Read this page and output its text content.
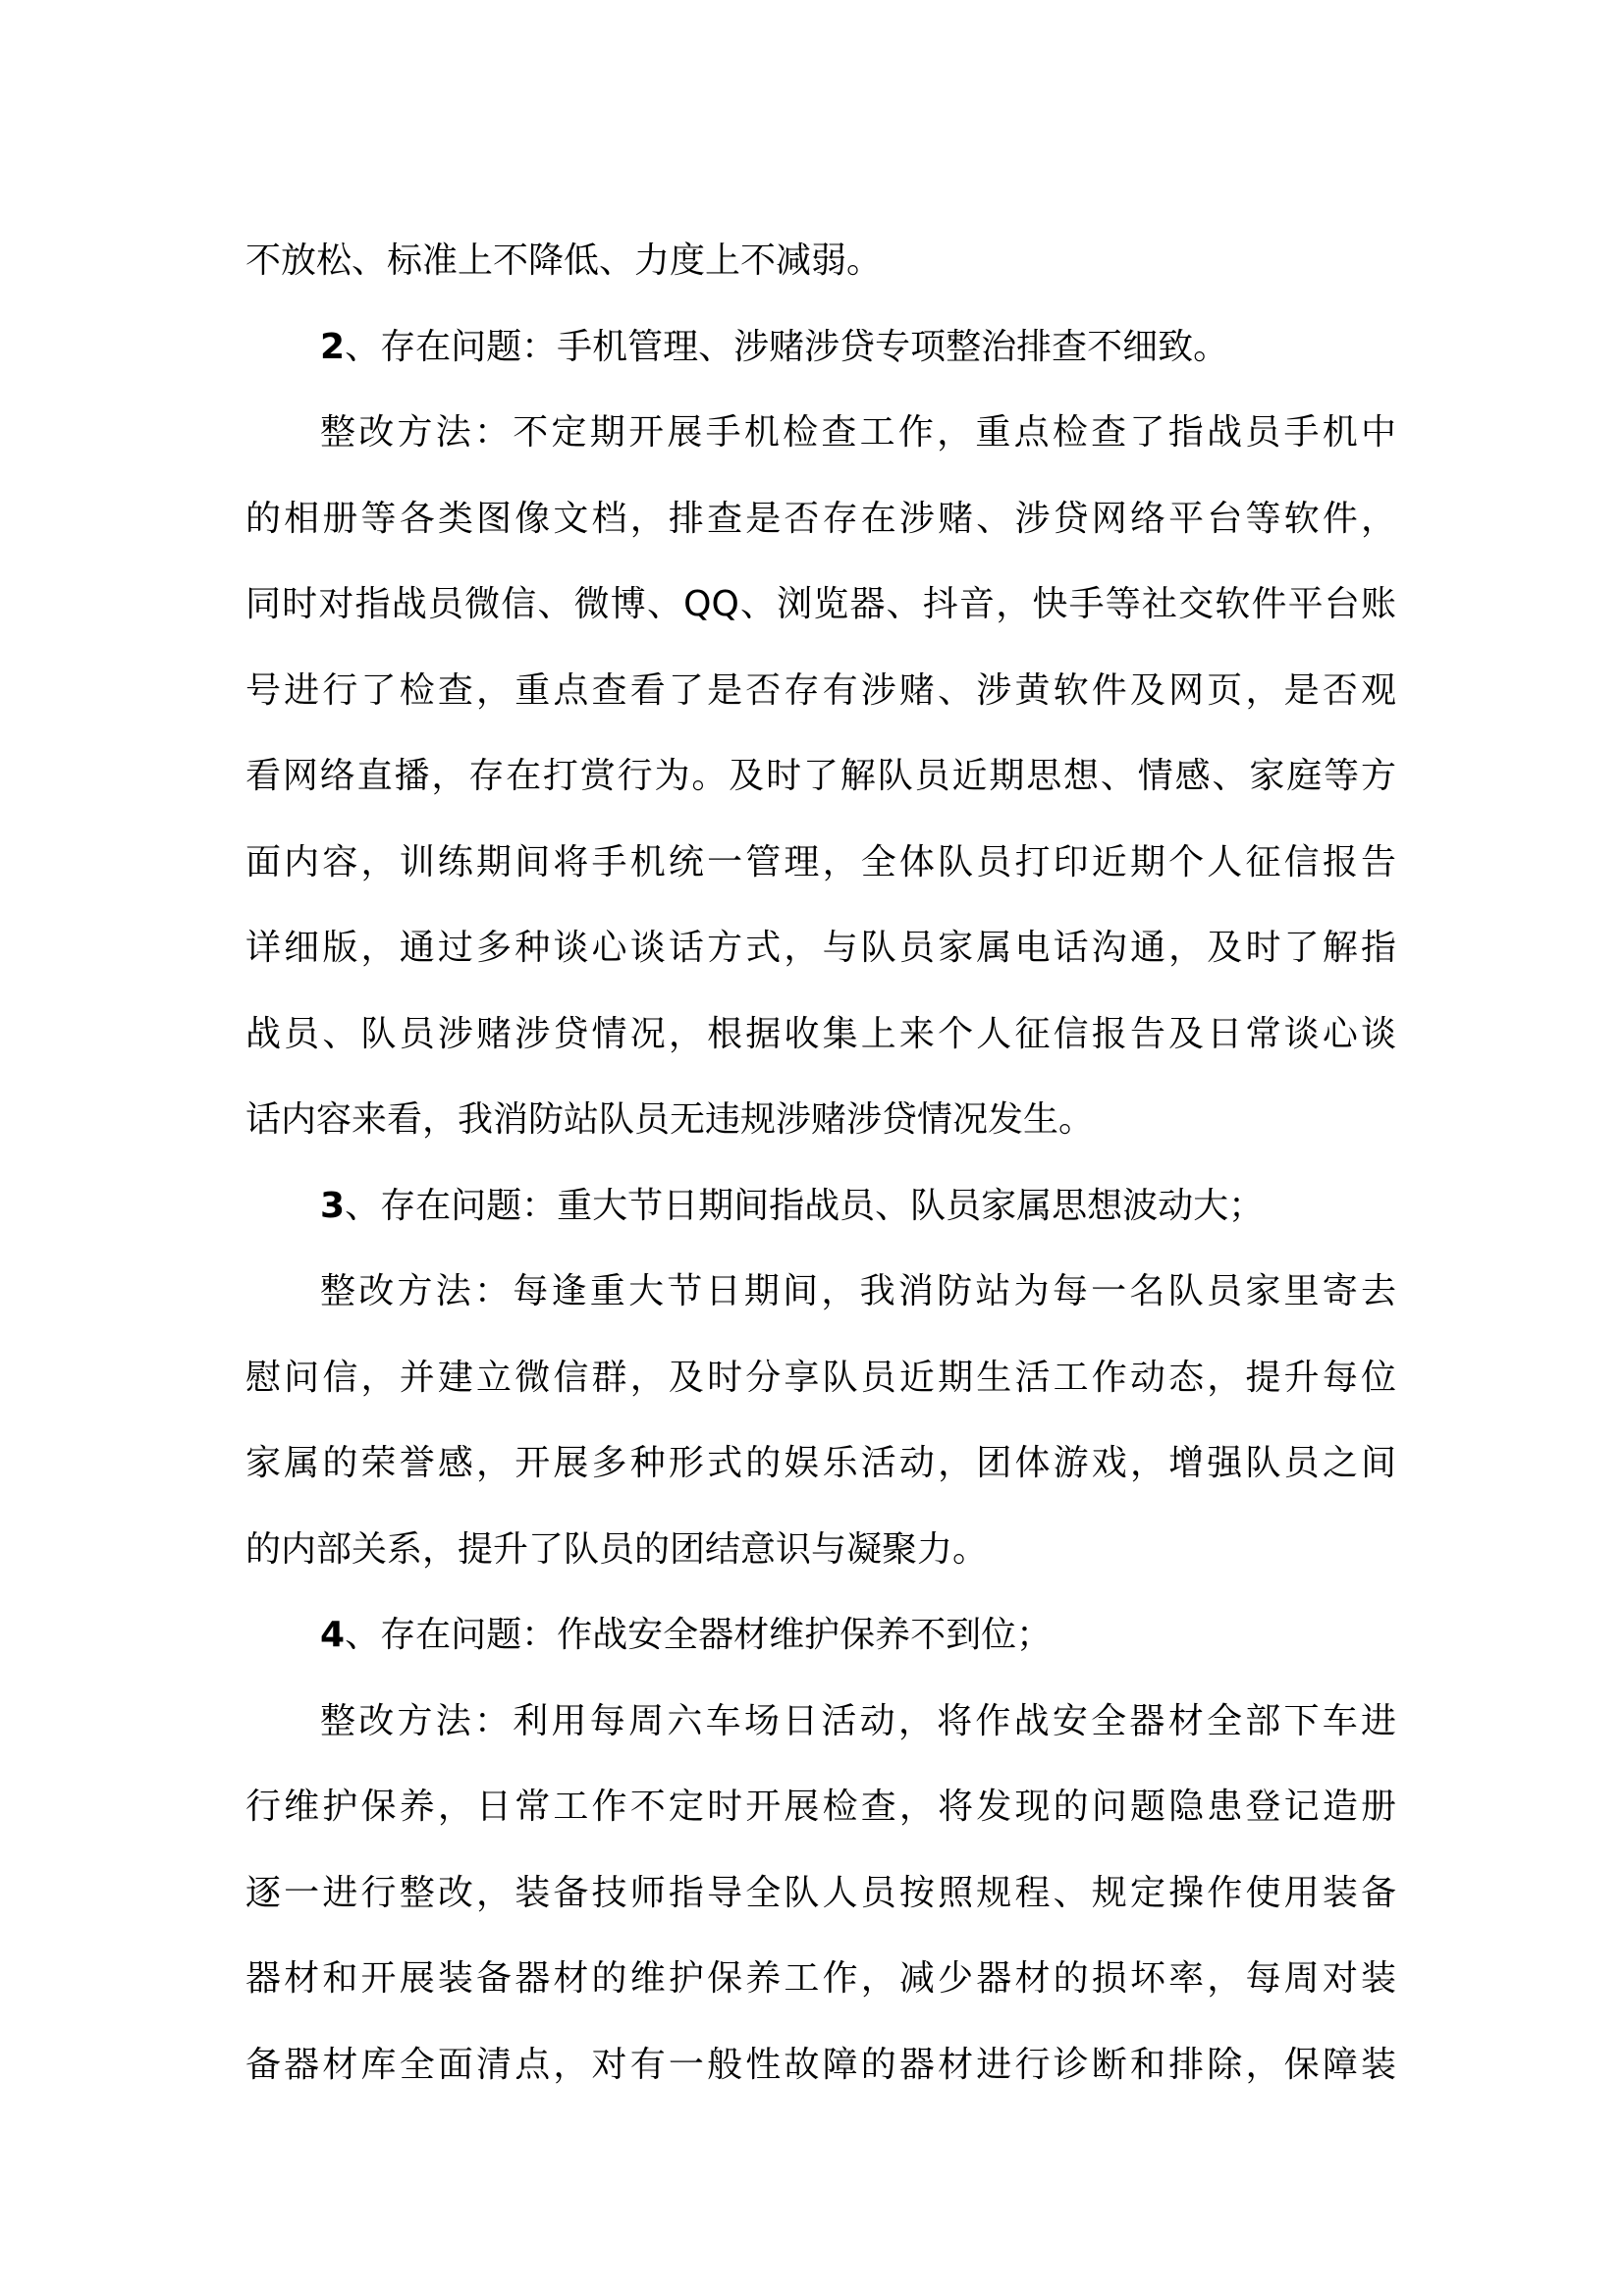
不放松、标准上不降低、力度上不减弱。
2、存在问题：手机管理、涉赌涉贷专项整治排查不细致。
整改方法：不定期开展手机检查工作，重点检查了指战员手机中
的相册等各类图像文档，排查是否存在涉赌、涉贷网络平台等软件，
同时对指战员微信、微博、QQ、浏览器、抖音，快手等社交软件平台账
号进行了检查，重点查看了是否存有涉赌、涉黄软件及网页，是否观
看网络直播，存在打赏行为。及时了解队员近期思想、情感、家庭等方
面内容，训练期间将手机统一管理，全体队员打印近期个人征信报告
详细版，通过多种谈心谈话方式，与队员家属电话沟通，及时了解指
战员、队员涉赌涉贷情况，根据收集上来个人征信报告及日常谈心谈
话内容来看，我消防站队员无违规涉赌涉贷情况发生。
3、存在问题：重大节日期间指战员、队员家属思想波动大；
整改方法：每逢重大节日期间，我消防站为每一名队员家里寄去
慰问信，并建立微信群，及时分享队员近期生活工作动态，提升每位
家属的荣誉感，开展多种形式的娱乐活动，团体游戏，增强队员之间
的内部关系，提升了队员的团结意识与凝聚力。
4、存在问题：作战安全器材维护保养不到位；
整改方法：利用每周六车场日活动，将作战安全器材全部下车进
行维护保养，日常工作不定时开展检查，将发现的问题隐患登记造册
逐一进行整改，装备技师指导全队人员按照规程、规定操作使用装备
器材和开展装备器材的维护保养工作，减少器材的损坏率，每周对装
备器材库全面清点，对有一般性故障的器材进行诊断和排除，保障装
